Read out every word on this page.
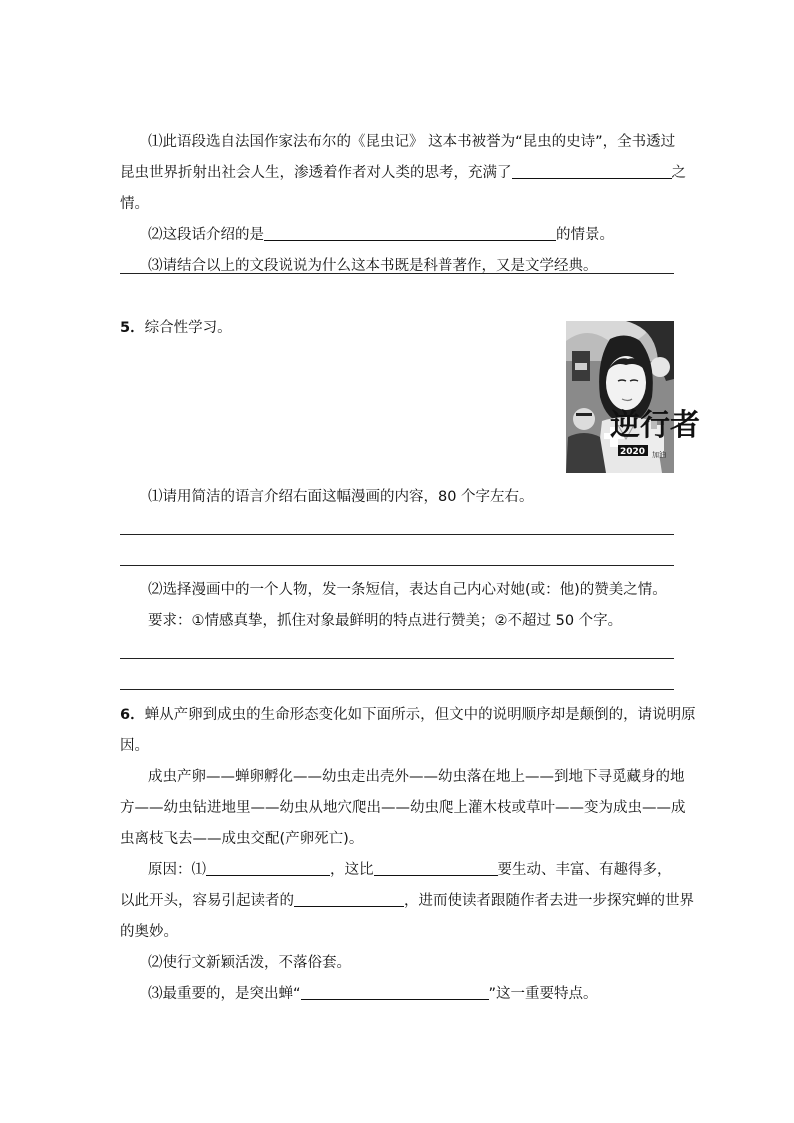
⑴此语段选自法国作家法布尔的《昆虫记》 这本书被誉为“昆虫的史诗”，全书透过
昆虫世界折射出社会人生，渗透着作者对人类的思考，充满了	之
情。
⑵这段话介绍的是	的情景。
⑶请结合以上的文段说说为什么这本书既是科普著作，又是文学经典。
5．综合性学习。
逆行者
2020 加油
⑴请用简洁的语言介绍右面这幅漫画的内容，80 个字左右。
⑵选择漫画中的一个人物，发一条短信，表达自己内心对她(或：他)的赞美之情。
要求：①情感真挚，抓住对象最鲜明的特点进行赞美；②不超过 50 个字。
6．蝉从产卵到成虫的生命形态变化如下面所示，但文中的说明顺序却是颠倒的，请说明原
因。
成虫产卵——蝉卵孵化——幼虫走出壳外——幼虫落在地上——到地下寻觅藏身的地
方——幼虫钻进地里——幼虫从地穴爬出——幼虫爬上灌木枝或草叶——变为成虫——成
虫离枝飞去——成虫交配(产卵死亡)。
原因：⑴	，这比	要生动、丰富、有趣得多，
以此开头，容易引起读者的	，进而使读者跟随作者去进一步探究蝉的世界
的奥妙。
⑵使行文新颖活泼，不落俗套。
⑶最重要的，是突出蝉“	”这一重要特点。
